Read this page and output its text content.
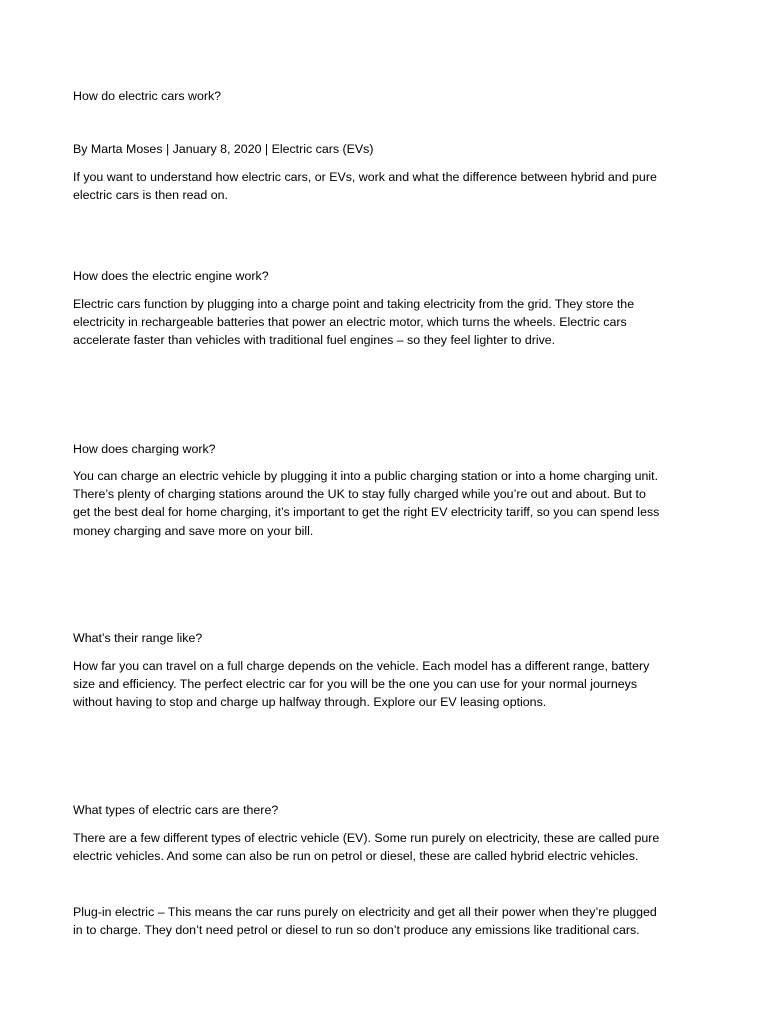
How do electric cars work?

By Marta Moses | January 8, 2020 | Electric cars (EVs)

If you want to understand how electric cars, or EVs, work and what the difference between hybrid and pure
electric cars is then read on.

How does the electric engine work?

Electric cars function by plugging into a charge point and taking electricity from the grid. They store the
electricity in rechargeable batteries that power an electric motor, which turns the wheels. Electric cars
accelerate faster than vehicles with traditional fuel engines – so they feel lighter to drive.

How does charging work?

You can charge an electric vehicle by plugging it into a public charging station or into a home charging unit.
There’s plenty of charging stations around the UK to stay fully charged while you’re out and about. But to
get the best deal for home charging, it’s important to get the right EV electricity tariff, so you can spend less
money charging and save more on your bill.

What’s their range like?

How far you can travel on a full charge depends on the vehicle. Each model has a different range, battery
size and efficiency. The perfect electric car for you will be the one you can use for your normal journeys
without having to stop and charge up halfway through. Explore our EV leasing options.

What types of electric cars are there?

There are a few different types of electric vehicle (EV). Some run purely on electricity, these are called pure
electric vehicles. And some can also be run on petrol or diesel, these are called hybrid electric vehicles.
Plug-in electric – This means the car runs purely on electricity and get all their power when they’re plugged
in to charge. They don’t need petrol or diesel to run so don’t produce any emissions like traditional cars.
